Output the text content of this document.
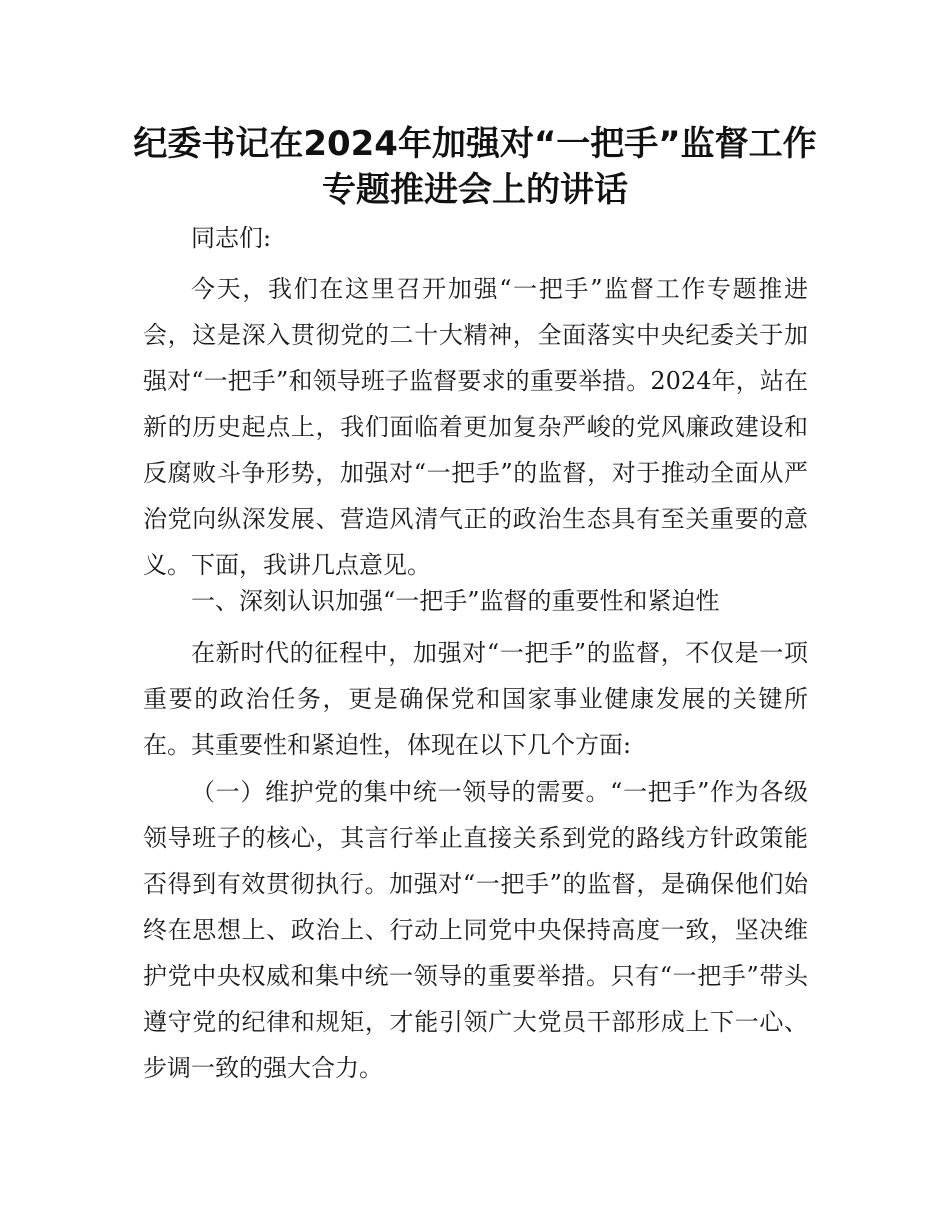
纪委书记在2024年加强对“一把手”监督工作
专题推进会上的讲话
同志们:

今天，我们在这里召开加强“一把手”监督工作专题推进会，这是深入贯彻党的二十大精神，全面落实中央纪委关于加强对“一把手”和领导班子监督要求的重要举措。2024年，站在新的历史起点上，我们面临着更加复杂严峻的党风廉政建设和反腐败斗争形势，加强对“一把手”的监督，对于推动全面从严治党向纵深发展、营造风清气正的政治生态具有至关重要的意义。下面，我讲几点意见。

一、深刻认识加强“一把手”监督的重要性和紧迫性

在新时代的征程中，加强对“一把手”的监督，不仅是一项重要的政治任务，更是确保党和国家事业健康发展的关键所在。其重要性和紧迫性，体现在以下几个方面:

（一）维护党的集中统一领导的需要。“一把手”作为各级领导班子的核心，其言行举止直接关系到党的路线方针政策能否得到有效贯彻执行。加强对“一把手”的监督，是确保他们始终在思想上、政治上、行动上同党中央保持高度一致，坚决维护党中央权威和集中统一领导的重要举措。只有“一把手”带头遵守党的纪律和规矩，才能引领广大党员干部形成上下一心、步调一致的强大合力。
